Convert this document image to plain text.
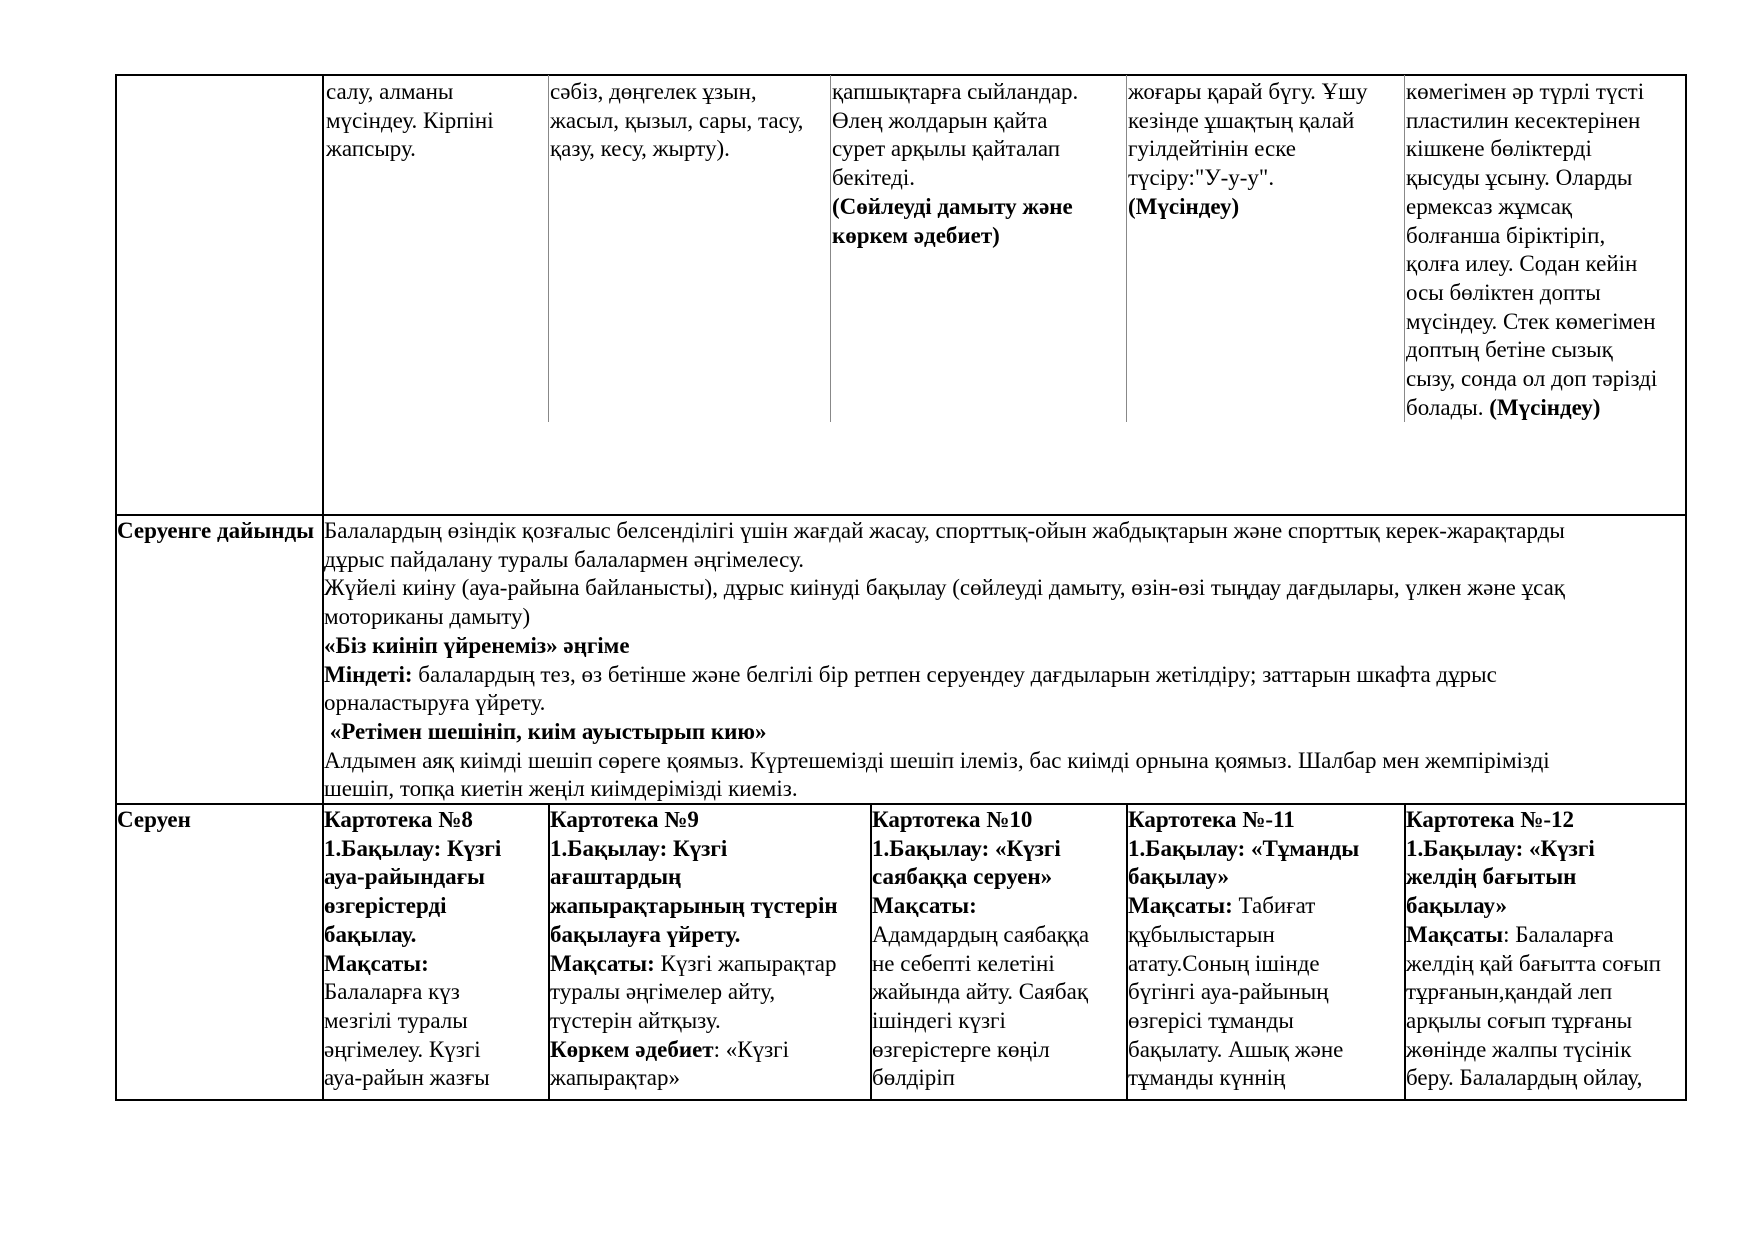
салу, алманы
мүсіндеу. Кірпіні
жапсыру.
сәбіз, дөңгелек ұзын,
жасыл, қызыл, сары, тасу,
қазу, кесу, жырту).
қапшықтарға сыйландар.
Өлең жолдарын қайта
сурет арқылы қайталап
бекітеді.
(Сөйлеуді дамыту және
көркем әдебиет)
жоғары қарай бүгу. Ұшу
кезінде ұшақтың қалай
гуілдейтінін еске
түсіру:"У-у-у".
(Мүсіндеу)
көмегімен әр түрлі түсті
пластилин кесектерінен
кішкене бөліктерді
қысуды ұсыну. Оларды
ермексаз жұмсақ
болғанша біріктіріп,
қолға илеу. Содан кейін
осы бөліктен допты
мүсіндеу. Стек көмегімен
доптың бетіне сызық
сызу, сонда ол доп тәрізді
болады. (Мүсіндеу)
Серуенге дайынды Балалардың өзіндік қозғалыс белсенділігі үшін жағдай жасау, спорттық-ойын жабдықтарын және спорттық керек-жарақтарды
дұрыс пайдалану туралы балалармен әңгімелесу.
Жүйелі киіну (ауа-райына байланысты), дұрыс киінуді бақылау (сөйлеуді дамыту, өзін-өзі тыңдау дағдылары, үлкен және ұсақ
моториканы дамыту)
«Біз киініп үйренеміз» әңгіме
Міндеті: балалардың тез, өз бетінше және белгілі бір ретпен серуендеу дағдыларын жетілдіру; заттарын шкафта дұрыс
орналастыруға үйрету.
«Ретімен шешініп, киім ауыстырып кию»
Алдымен аяқ киімді шешіп сөреге қоямыз. Күртешемізді шешіп ілеміз, бас киімді орнына қоямыз. Шалбар мен жемпірімізді
шешіп, топқа киетін жеңіл киімдерімізді киеміз.
Серуен	Картотека №8
1.Бақылау: Күзгі
ауа-райындағы
өзгерістерді
бақылау.
Мақсаты:
Балаларға күз
мезгілі туралы
әңгімелеу. Күзгі
ауа-райын жазғы
Картотека №9
1.Бақылау: Күзгі
ағаштардың
жапырақтарының түстерін
бақылауға үйрету.
Мақсаты: Күзгі жапырақтар
туралы әңгімелер айту,
түстерін айтқызу.
Көркем әдебиет: «Күзгі
жапырақтар»
Картотека №10
1.Бақылау: «Күзгі
саябаққа серуен»
Мақсаты:
Адамдардың саябаққа
не себепті келетіні
жайында айту. Саябақ
ішіндегі күзгі
өзгерістерге көңіл
бөлдіріп
Картотека №-11
1.Бақылау: «Тұманды
бақылау»
Мақсаты: Табиғат
құбылыстарын
атату.Соның ішінде
бүгінгі ауа-райының
өзгерісі тұманды
бақылату. Ашық және
тұманды күннің
Картотека №-12
1.Бақылау: «Күзгі
желдің бағытын
бақылау»
Мақсаты: Балаларға
желдің қай бағытта соғып
тұрғанын,қандай леп
арқылы соғып тұрғаны
жөнінде жалпы түсінік
беру. Балалардың ойлау,
